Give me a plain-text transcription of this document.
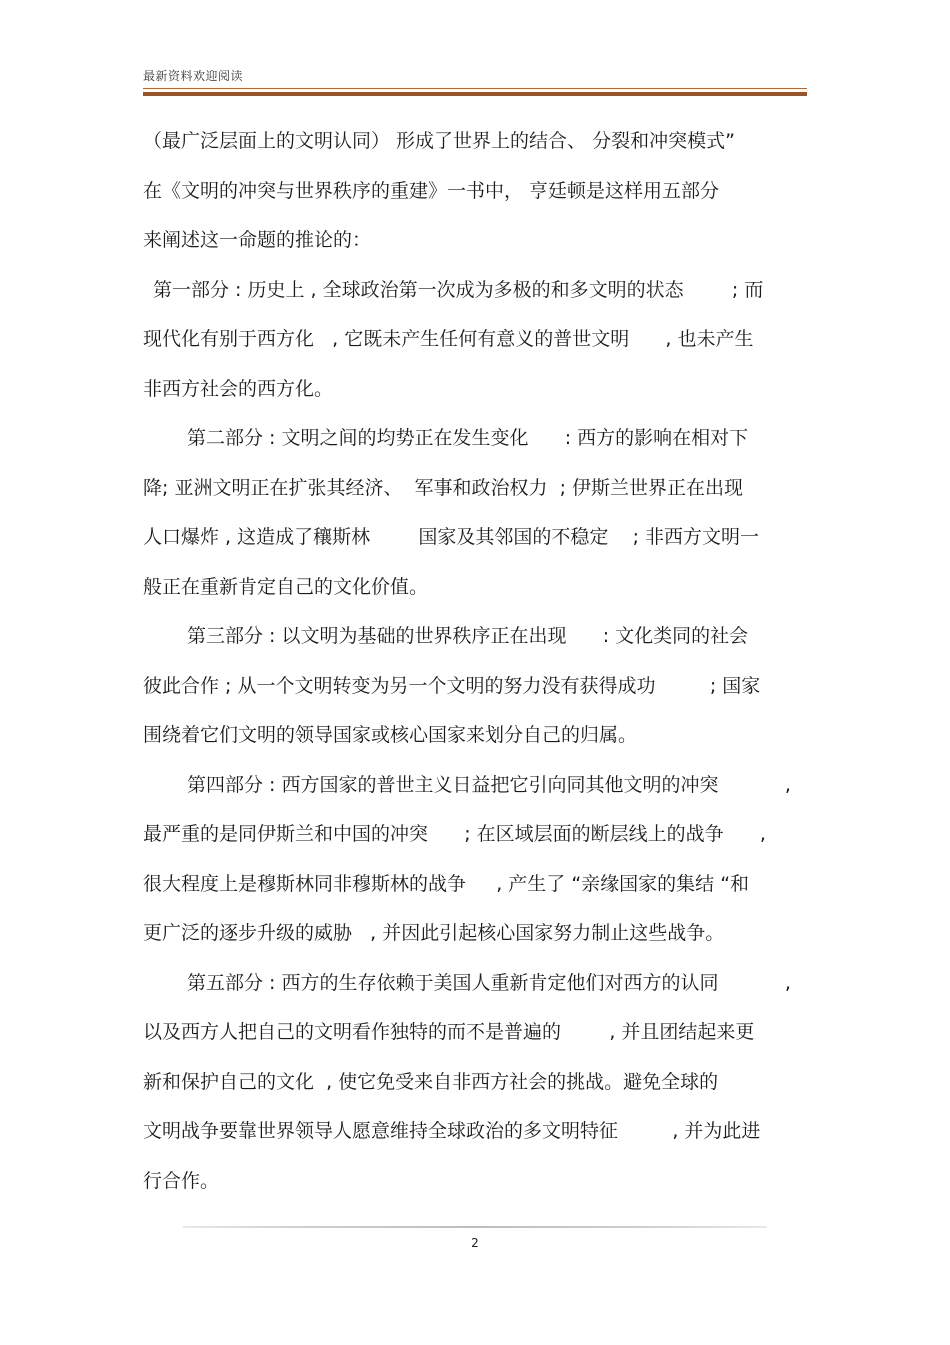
最新资料欢迎阅读
（最广泛层面上的文明认同） 形成了世界上的结合、 分裂和冲突模式”
在《文明的冲突与世界秩序的重建》一书中， 亨廷顿是这样用五部分
来阐述这一命题的推论的：
第一部分 : 历史上 , 全球政治第一次成为多极的和多文明的状态        ; 而
现代化有别于西方化   , 它既未产生任何有意义的普世文明      , 也未产生
非西方社会的西方化。
第二部分 : 文明之间的均势正在发生变化      : 西方的影响在相对下
降; 亚洲文明正在扩张其经济、  军事和政治权力  ; 伊斯兰世界正在出现
人口爆炸 , 这造成了穰斯林        国家及其邻国的不稳定    ; 非西方文明一
般正在重新肯定自己的文化价值。
第三部分 : 以文明为基础的世界秩序正在出现      : 文化类同的社会
彼此合作 ; 从一个文明转变为另一个文明的努力没有获得成功         ; 国家
围绕着它们文明的领导国家或核心国家来划分自己的归属。
第四部分 : 西方国家的普世主义日益把它引向同其他文明的冲突           ,
最严重的是同伊斯兰和中国的冲突      ; 在区域层面的断层线上的战争      ,
很大程度上是穆斯林同非穆斯林的战争     , 产生了 “亲缘国家的集结 “和
更广泛的逐步升级的威胁   , 并因此引起核心国家努力制止这些战争。
第五部分 : 西方的生存依赖于美国人重新肯定他们对西方的认同           ,
以及西方人把自己的文明看作独特的而不是普遍的        , 并且团结起来更
新和保护自己的文化  , 使它免受来自非西方社会的挑战。避免全球的
文明战争要靠世界领导人愿意维持全球政治的多文明特征         , 并为此进
行合作。
2
